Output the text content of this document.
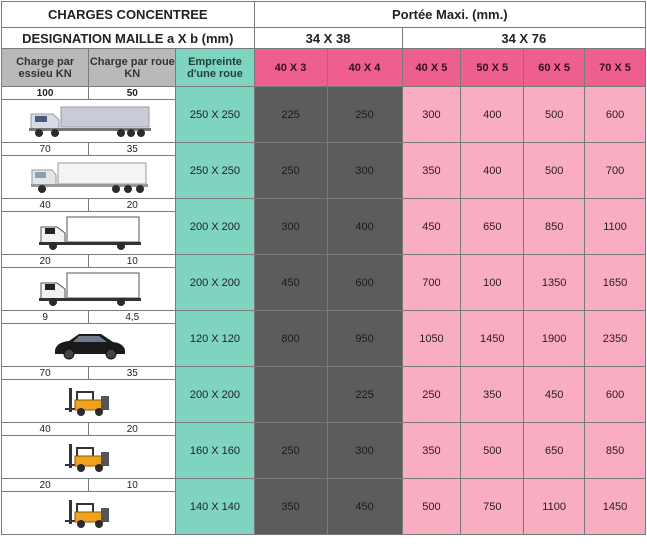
CHARGES CONCENTREE			Portée Maxi. (mm.)					
DESIGNATION MAILLE a X b (mm)			34 X 38		34 X 76			
Charge par essieu KN	Charge par roue KN	Empreinte d'une roue	40 X 3	40 X 4	40 X 5	50 X 5	60 X 5	70 X 5
100	50	250 X 250	225	250	300	400	500	600

70	35	250 X 250	250	300	350	400	500	700

40	20	200 X 200	300	400	450	650	850	1100

20	10	200 X 200	450	600	700	100	1350	1650

9	4,5	120 X 120	800	950	1050	1450	1900	2350

70	35	200 X 200		225	250	350	450	600

40	20	160 X 160	250	300	350	500	650	850

20	10	140 X 140	350	450	500	750	1100	1450
